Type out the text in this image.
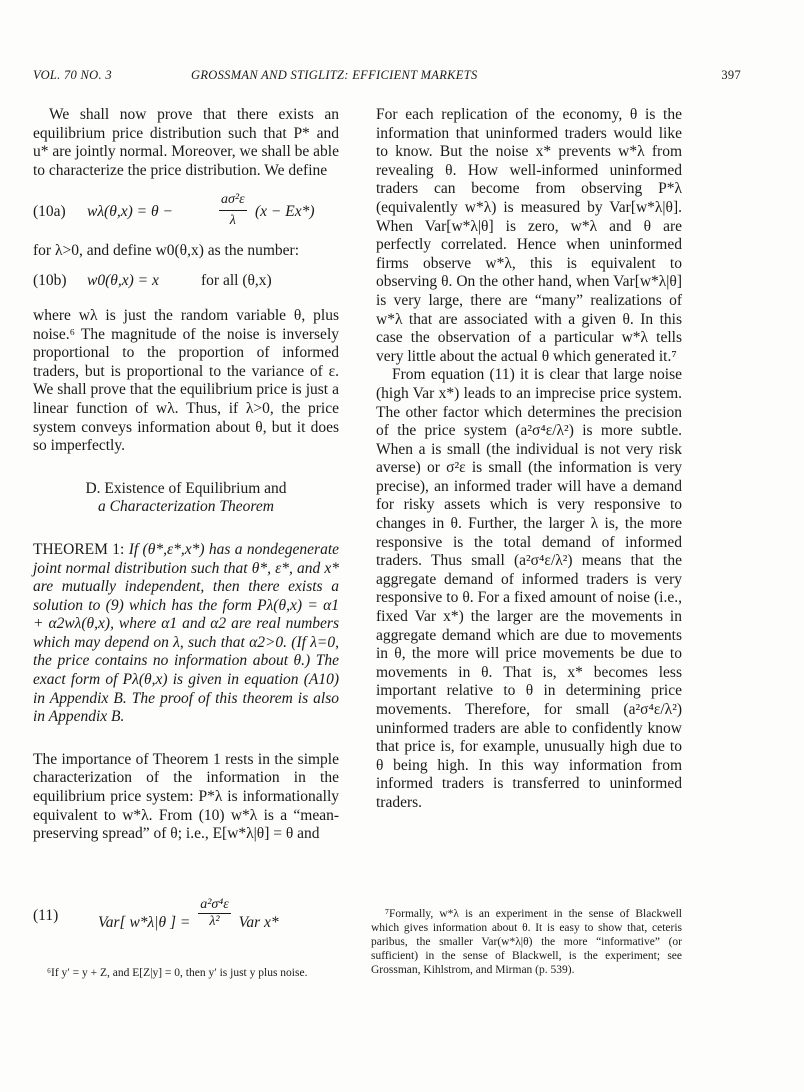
VOL. 70 NO. 3	GROSSMAN AND STIGLITZ: EFFICIENT MARKETS	397

We shall now prove that there exists an equilibrium price distribution such that P* and u* are jointly normal. Moreover, we shall be able to characterize the price distribution. We define

(10a) wλ(θ,x) = θ −	$\frac{\text{aσ²ε}}{\lambda} (x - Ex*)$

for λ>0, and define w0(θ,x) as the number:

(10b) w0(θ,x) = x	for all (θ,x)

where wλ is just the random variable θ, plus noise.⁶ The magnitude of the noise is inversely proportional to the proportion of informed traders, but is proportional to the variance of ε. We shall prove that the equilibrium price is just a linear function of wλ. Thus, if λ>0, the price system conveys information about θ, but it does so imperfectly.

D. Existence of Equilibrium and

a Characterization Theorem

THEOREM 1: If (θ*,ε*,x*) has a nondegenerate joint normal distribution such that θ*, ε*, and x* are mutually independent, then there exists a solution to (9) which has the form Pλ(θ,x) = α1 + α2wλ(θ,x), where α1 and α2 are real numbers which may depend on λ, such that α2>0. (If λ=0, the price contains no information about θ.) The exact form of Pλ(θ,x) is given in equation (A10) in Appendix B. The proof of this theorem is also in Appendix B.

The importance of Theorem 1 rests in the simple characterization of the information in the equilibrium price system: P*λ is informationally equivalent to w*λ. From (10) w*λ is a “mean-preserving spread” of θ; i.e., E[w*λ|θ] = θ and

(11)	Var[ w*λ|θ ] = $\frac{\text{a²σ⁴ε}}{\text{λ²}}$ Var x*

⁶If y′ = y + Z, and E[Z|y] = 0, then y′ is just y plus noise.

For each replication of the economy, θ is the information that uninformed traders would like to know. But the noise x* prevents w*λ from revealing θ. How well-informed uninformed traders can become from observing P*λ (equivalently w*λ) is measured by Var[w*λ|θ]. When Var[w*λ|θ] is zero, w*λ and θ are perfectly correlated. Hence when uninformed firms observe w*λ, this is equivalent to observing θ. On the other hand, when Var[w*λ|θ] is very large, there are “many” realizations of w*λ that are associated with a given θ. In this case the observation of a particular w*λ tells very little about the actual θ which generated it.⁷

From equation (11) it is clear that large noise (high Var x*) leads to an imprecise price system. The other factor which determines the precision of the price system (a²σ⁴ε/λ²) is more subtle. When a is small (the individual is not very risk averse) or σ²ε is small (the information is very precise), an informed trader will have a demand for risky assets which is very responsive to changes in θ. Further, the larger λ is, the more responsive is the total demand of informed traders. Thus small (a²σ⁴ε/λ²) means that the aggregate demand of informed traders is very responsive to θ. For a fixed amount of noise (i.e., fixed Var x*) the larger are the movements in aggregate demand which are due to movements in θ, the more will price movements be due to movements in θ. That is, x* becomes less important relative to θ in determining price movements. Therefore, for small (a²σ⁴ε/λ²) uninformed traders are able to confidently know that price is, for example, unusually high due to θ being high. In this way information from informed traders is transferred to uninformed traders.

⁷Formally, w*λ is an experiment in the sense of Blackwell which gives information about θ. It is easy to show that, ceteris paribus, the smaller Var(w*λ|θ) the more “informative” (or sufficient) in the sense of Blackwell, is the experiment; see Grossman, Kihlstrom, and Mirman (p. 539).
